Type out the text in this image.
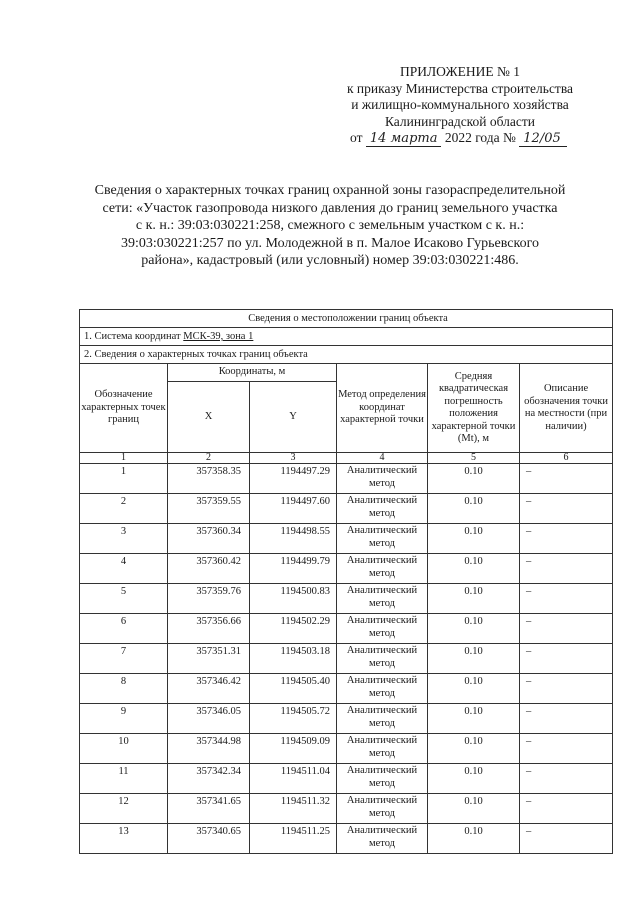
ПРИЛОЖЕНИЕ № 1
к приказу Министерства строительства
и жилищно-коммунального хозяйства
Калининградской области
от 14 марта 2022 года № 12/05
Сведения о характерных точках границ охранной зоны газораспределительной
сети: «Участок газопровода низкого давления до границ земельного участка
с к. н.: 39:03:030221:258, смежного с земельным участком с к. н.:
39:03:030221:257 по ул. Молодежной в п. Малое Исаково Гурьевского
района», кадастровый (или условный) номер 39:03:030221:486.
Сведения о местоположении границ объекта					
1. Система координат МСК-39, зона 1					
2. Сведения о характерных точках границ объекта					
Обозначение характерных точек границ	Координаты, м		Метод определения координат характерной точки	Средняя квадратическая погрешность положения характерной точки (Mt), м	Описание обозначения точки на местности (при наличии)
	X	Y			
1	2	3	4	5	6
1	357358.35	1194497.29	Аналитический метод	0.10	–
2	357359.55	1194497.60	Аналитический метод	0.10	–
3	357360.34	1194498.55	Аналитический метод	0.10	–
4	357360.42	1194499.79	Аналитический метод	0.10	–
5	357359.76	1194500.83	Аналитический метод	0.10	–
6	357356.66	1194502.29	Аналитический метод	0.10	–
7	357351.31	1194503.18	Аналитический метод	0.10	–
8	357346.42	1194505.40	Аналитический метод	0.10	–
9	357346.05	1194505.72	Аналитический метод	0.10	–
10	357344.98	1194509.09	Аналитический метод	0.10	–
11	357342.34	1194511.04	Аналитический метод	0.10	–
12	357341.65	1194511.32	Аналитический метод	0.10	–
13	357340.65	1194511.25	Аналитический метод	0.10	–
